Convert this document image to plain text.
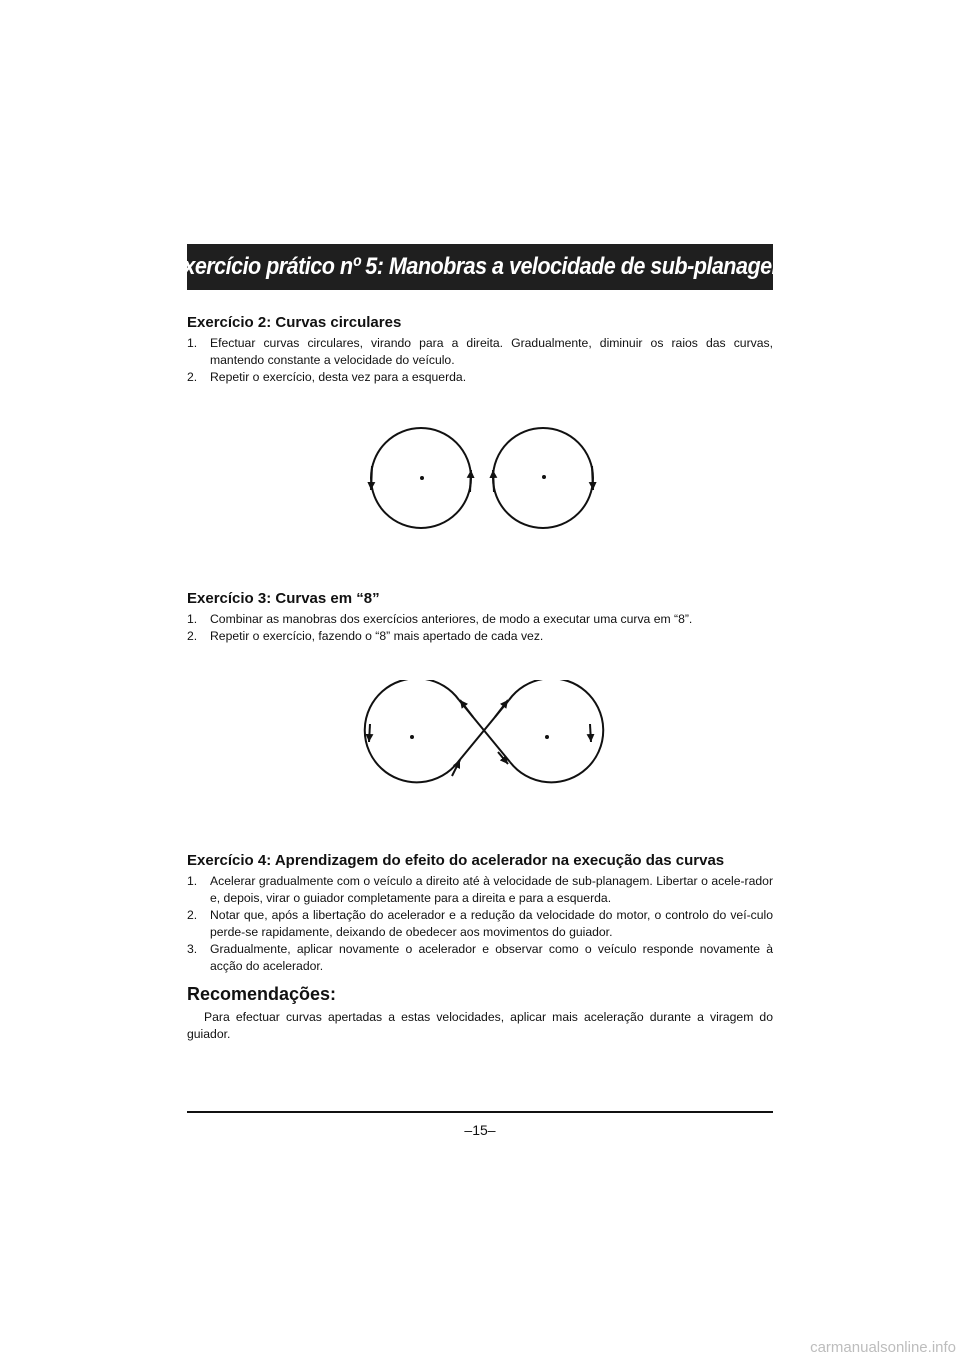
Exercício prático nº 5: Manobras a velocidade de sub-planagem
Exercício 2: Curvas circulares
1. Efectuar curvas circulares, virando para a direita. Gradualmente, diminuir os raios das curvas, mantendo constante a velocidade do veículo.
2. Repetir o exercício, desta vez para a esquerda.
Exercício 3: Curvas em “8”
1. Combinar as manobras dos exercícios anteriores, de modo a executar uma curva em “8”.
2. Repetir o exercício, fazendo o “8” mais apertado de cada vez.
Exercício 4: Aprendizagem do efeito do acelerador na execução das curvas
1. Acelerar gradualmente com o veículo a direito até à velocidade de sub-planagem. Libertar o acele-rador e, depois, virar o guiador completamente para a direita e para a esquerda.
2. Notar que, após a libertação do acelerador e a redução da velocidade do motor, o controlo do veí-culo perde-se rapidamente, deixando de obedecer aos movimentos do guiador.
3. Gradualmente, aplicar novamente o acelerador e observar como o veículo responde novamente à acção do acelerador.
Recomendações:

Para efectuar curvas apertadas a estas velocidades, aplicar mais aceleração durante a viragem do guiador.

–15–
carmanualsonline.info
